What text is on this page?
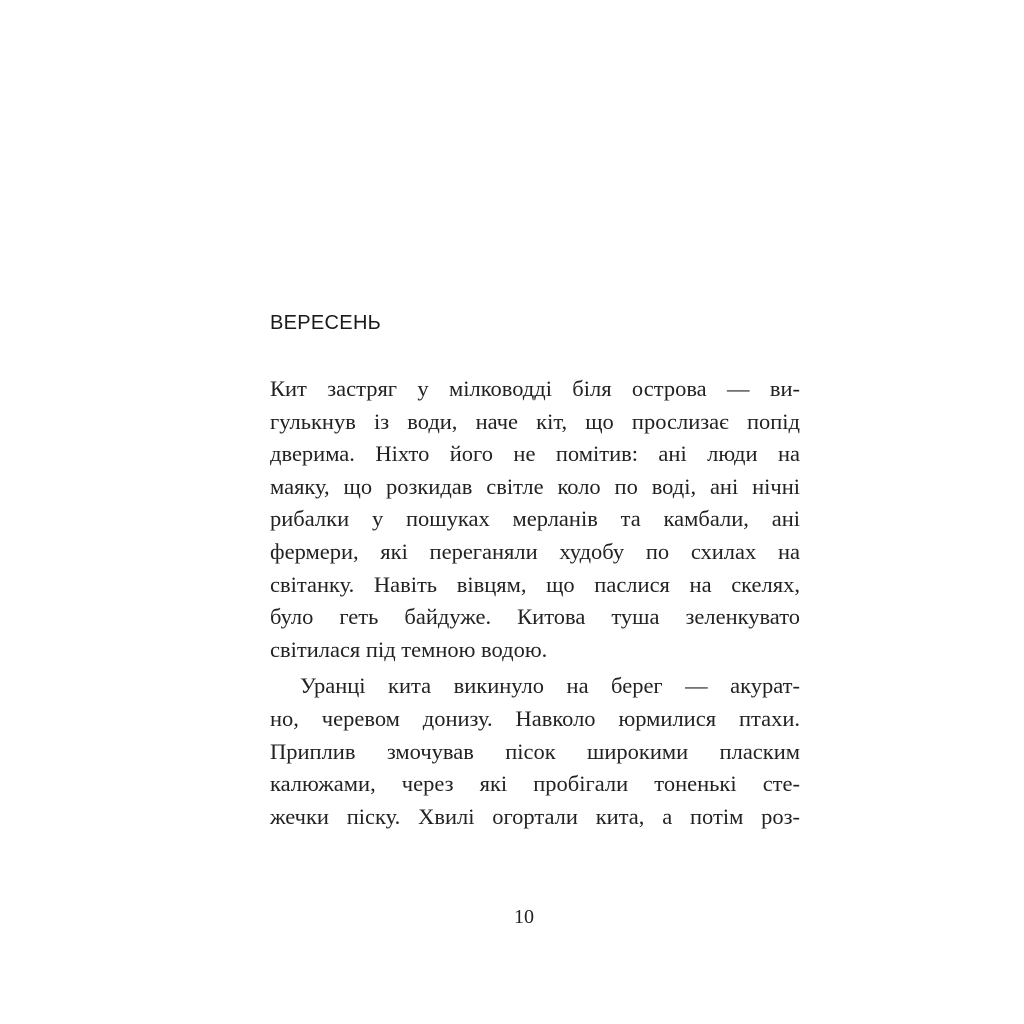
ВЕРЕСЕНЬ
Кит застряг у мілководді біля острова — ви-
гулькнув із води, наче кіт, що прослизає попід
дверима. Ніхто його не помітив: ані люди на
маяку, що розкидав світле коло по воді, ані нічні
рибалки у пошуках мерланів та камбали, ані
фермери, які переганяли худобу по схилах на
світанку. Навіть вівцям, що паслися на скелях,
було геть байдуже. Китова туша зеленкувато
світилася під темною водою.
Уранці кита викинуло на берег — акурат-
но, черевом донизу. Навколо юрмилися птахи.
Приплив змочував пісок широкими пласким
калюжами, через які пробігали тоненькі сте-
жечки піску. Хвилі огортали кита, а потім роз-
10
